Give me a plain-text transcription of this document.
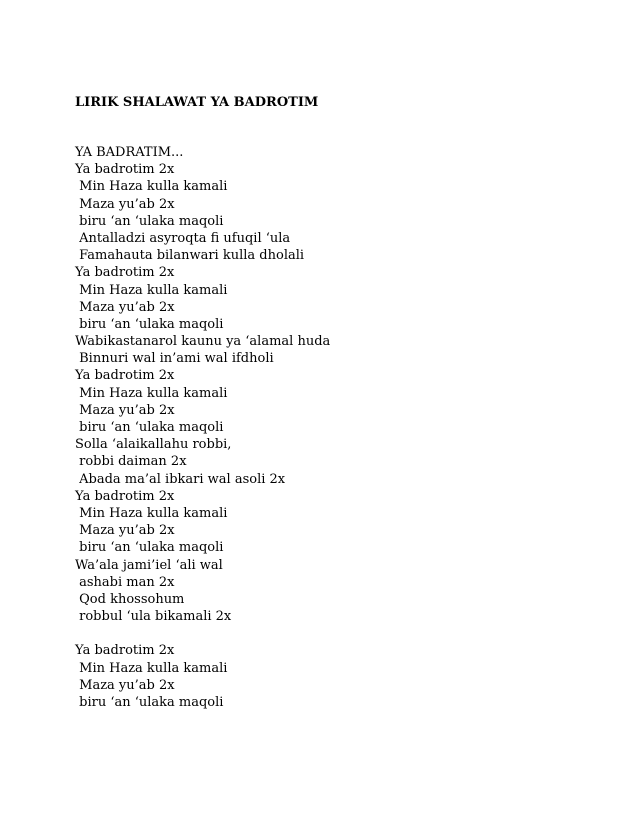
LIRIK SHALAWAT YA BADROTIM
YA BADRATIM...
Ya badrotim 2x
Min Haza kulla kamali
Maza yu’ab 2x
biru ‘an ‘ulaka maqoli
Antalladzi asyroqta fi ufuqil ‘ula
Famahauta bilanwari kulla dholali
Ya badrotim 2x
Min Haza kulla kamali
Maza yu’ab 2x
biru ‘an ‘ulaka maqoli
Wabikastanarol kaunu ya ‘alamal huda
Binnuri wal in’ami wal ifdholi
Ya badrotim 2x
Min Haza kulla kamali
Maza yu’ab 2x
biru ‘an ‘ulaka maqoli
Solla ‘alaikallahu robbi,
robbi daiman 2x
Abada ma’al ibkari wal asoli 2x
Ya badrotim 2x
Min Haza kulla kamali
Maza yu’ab 2x
biru ‘an ‘ulaka maqoli
Wa’ala jami’iel ‘ali wal
ashabi man 2x
Qod khossohum
robbul ‘ula bikamali 2x
Ya badrotim 2x
Min Haza kulla kamali
Maza yu’ab 2x
biru ‘an ‘ulaka maqoli
